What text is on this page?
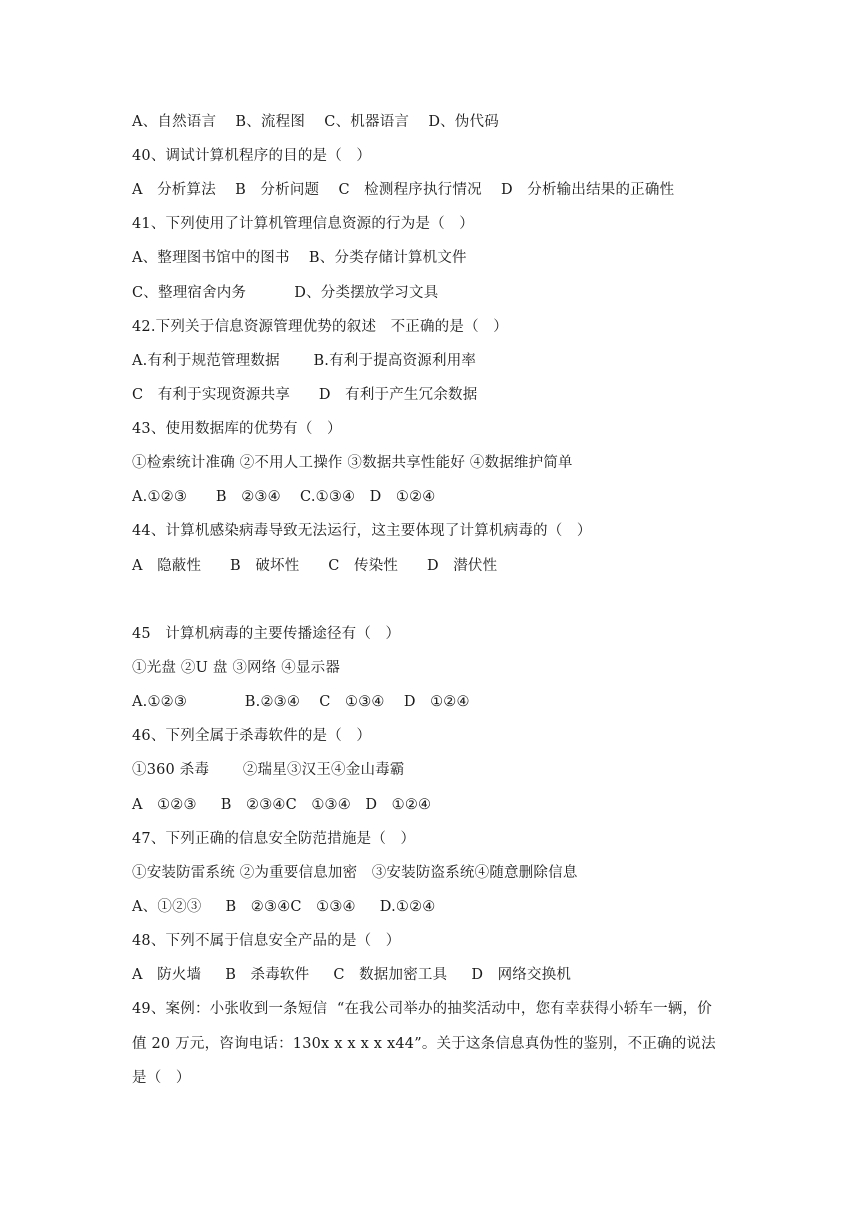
A、自然语言    B、流程图    C、机器语言    D、伪代码
40、调试计算机程序的目的是（   ）
A   分析算法    B   分析问题    C   检测程序执行情况    D   分析输出结果的正确性
41、下列使用了计算机管理信息资源的行为是（   ）
A、整理图书馆中的图书    B、分类存储计算机文件
C、整理宿舍内务          D、分类摆放学习文具
42.下列关于信息资源管理优势的叙述   不正确的是（   ）
A.有利于规范管理数据       B.有利于提高资源利用率
C   有利于实现资源共享      D   有利于产生冗余数据
43、使用数据库的优势有（   ）
①检索统计准确 ②不用人工操作 ③数据共享性能好 ④数据维护简单
A.①②③      B   ②③④    C.①③④   D   ①②④
44、计算机感染病毒导致无法运行，这主要体现了计算机病毒的（   ）
A   隐蔽性      B   破坏性      C   传染性      D   潜伏性
45   计算机病毒的主要传播途径有（   ）
①光盘 ②U 盘 ③网络 ④显示器
A.①②③            B.②③④    C   ①③④    D   ①②④
46、下列全属于杀毒软件的是（   ）
①360 杀毒       ②瑞星③汉王④金山毒霸
A   ①②③     B   ②③④C   ①③④   D   ①②④
47、下列正确的信息安全防范措施是（   ）
①安装防雷系统 ②为重要信息加密   ③安装防盗系统④随意删除信息
A、①②③     B   ②③④C   ①③④     D.①②④
48、下列不属于信息安全产品的是（   ）
A   防火墙     B   杀毒软件     C   数据加密工具     D   网络交换机
49、案例：小张收到一条短信  “在我公司举办的抽奖活动中，您有幸获得小轿车一辆，价
值 20 万元，咨询电话：130x x x x x x44”。关于这条信息真伪性的鉴别，不正确的说法
是（   ）
